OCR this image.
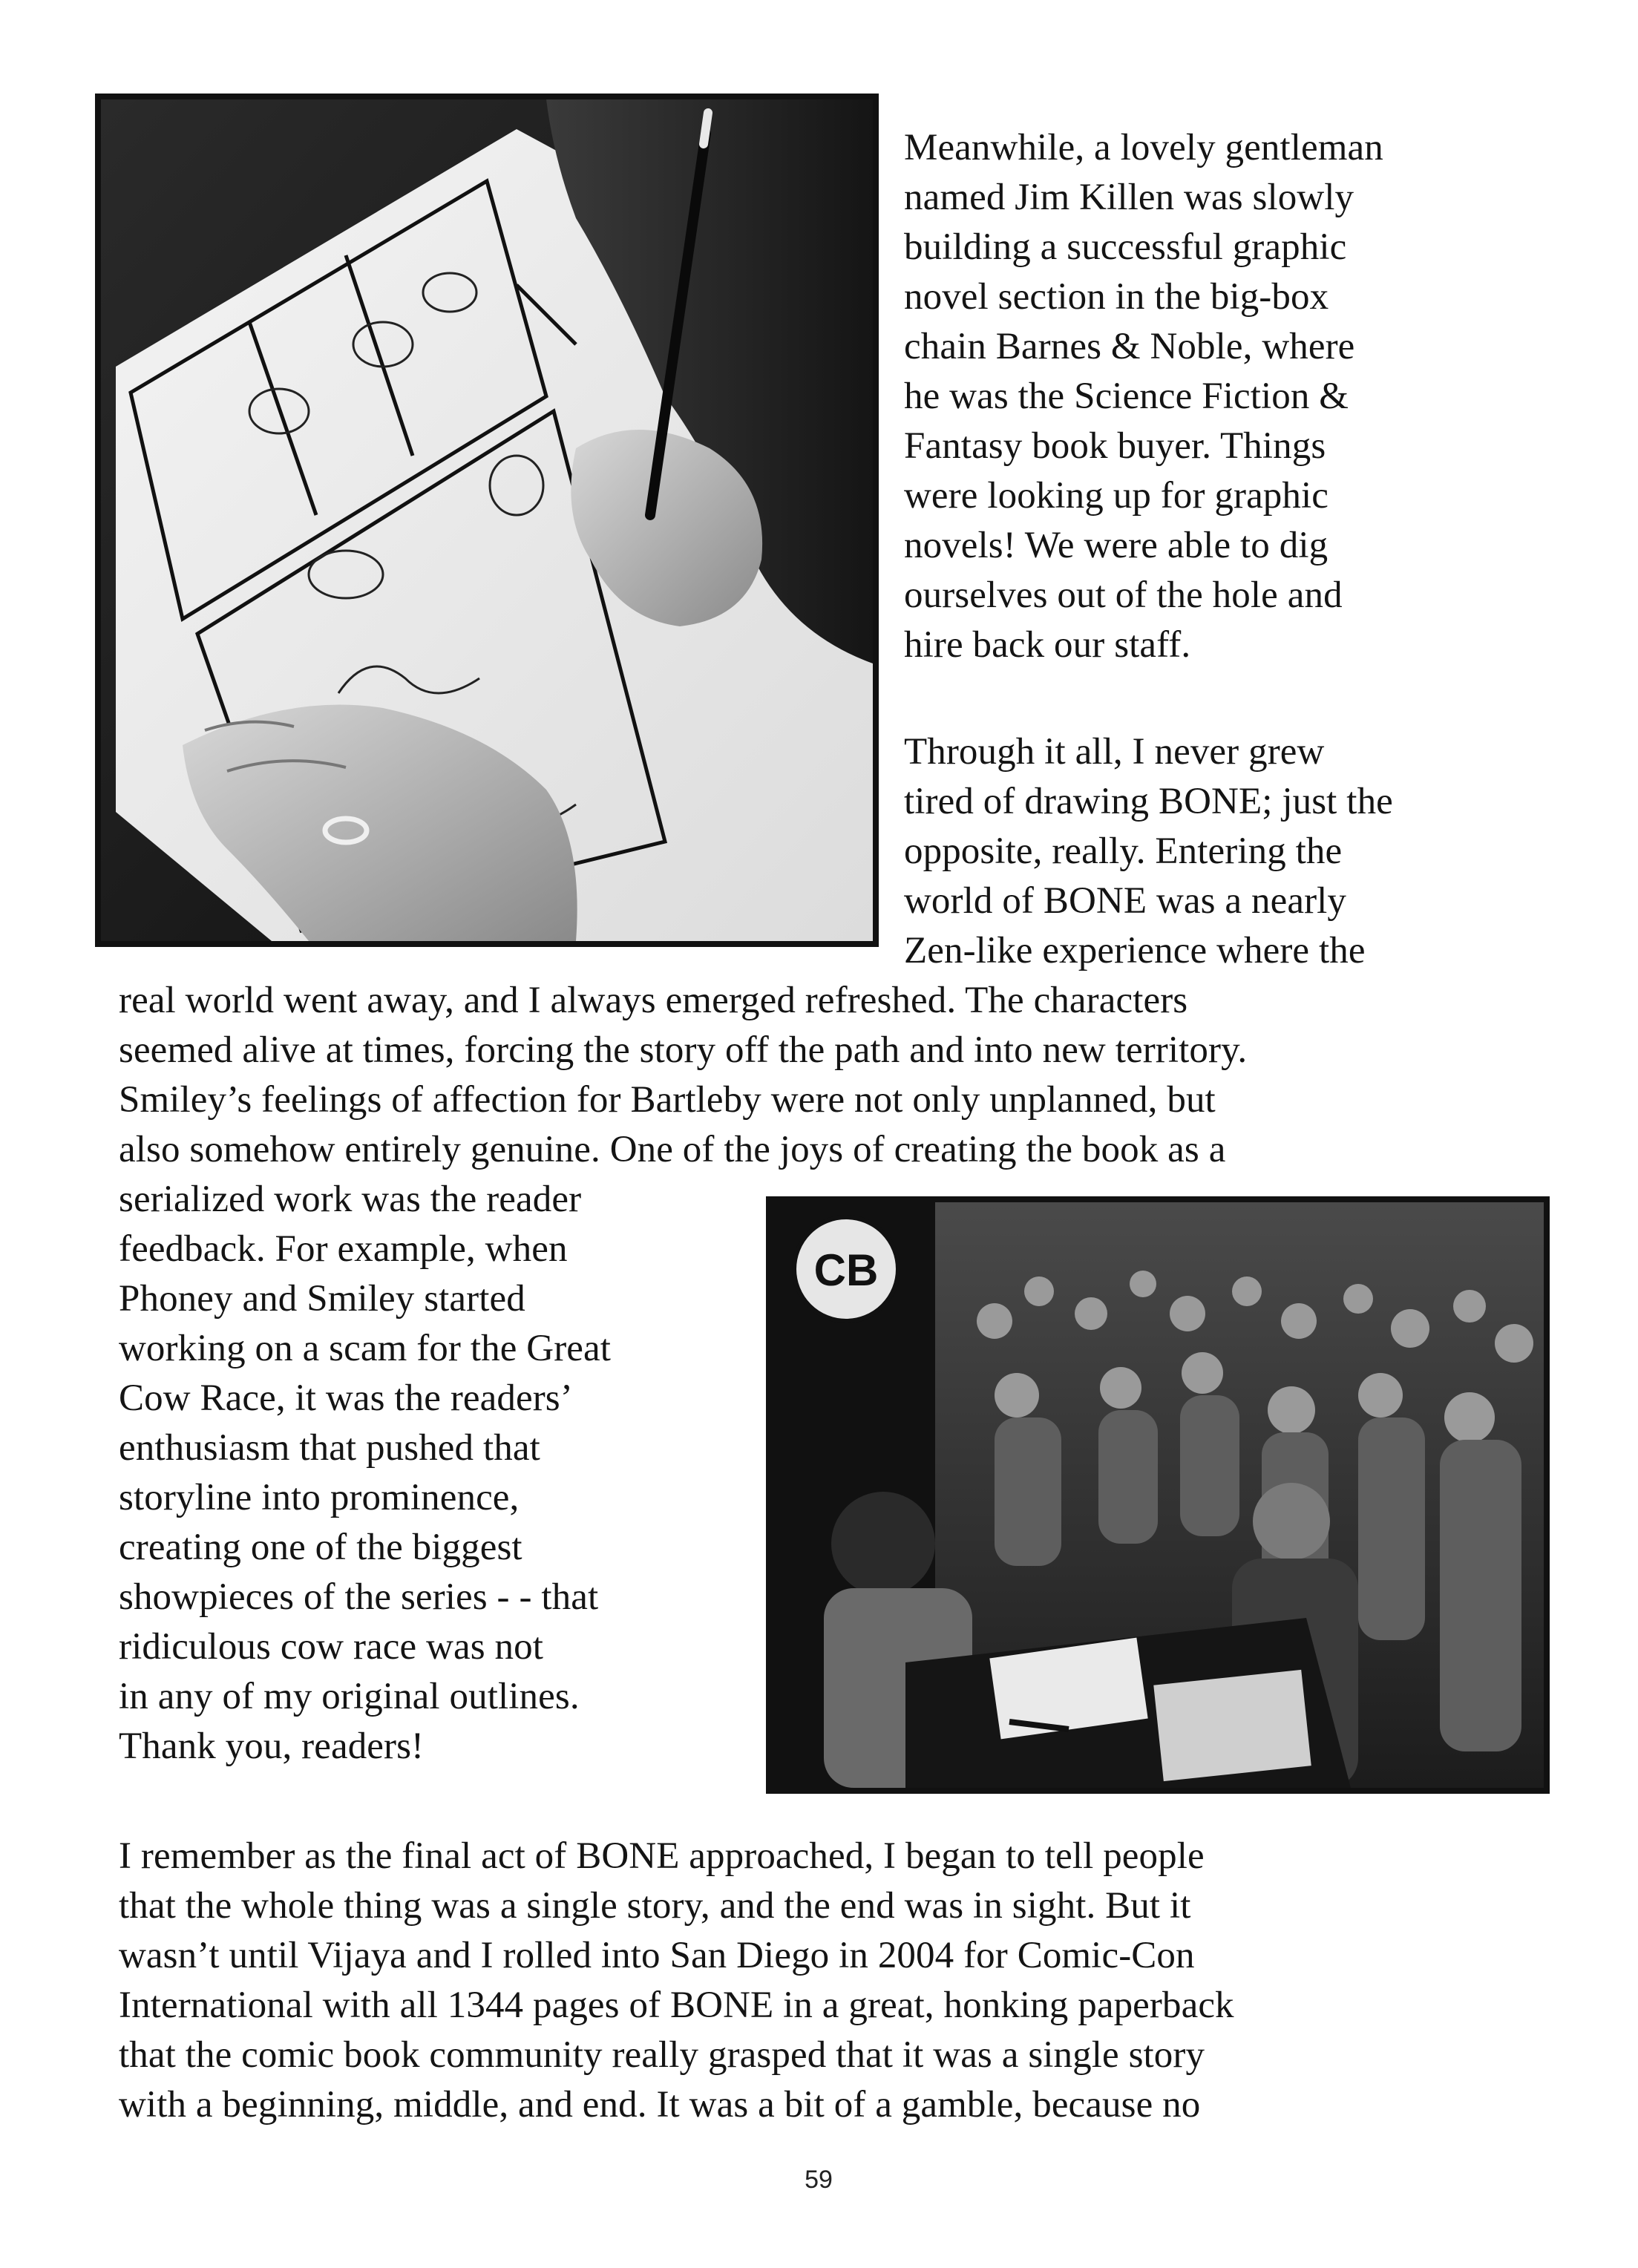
CB
Meanwhile, a lovely gentleman
named Jim Killen was slowly
building a successful graphic
novel section in the big-box
chain Barnes & Noble, where
he was the Science Fiction &
Fantasy book buyer. Things
were looking up for graphic
novels! We were able to dig
ourselves out of the hole and
hire back our staff.
Through it all, I never grew
tired of drawing BONE; just the
opposite, really. Entering the
world of BONE was a nearly
Zen-like experience where the
real world went away, and I always emerged refreshed. The characters
seemed alive at times, forcing the story off the path and into new territory.
Smiley’s feelings of affection for Bartleby were not only unplanned, but
also somehow entirely genuine. One of the joys of creating the book as a
serialized work was the reader
feedback. For example, when
Phoney and Smiley started
working on a scam for the Great
Cow Race, it was the readers’
enthusiasm that pushed that
storyline into prominence,
creating one of the biggest
showpieces of the series - - that
ridiculous cow race was not
in any of my original outlines.
Thank you, readers!
I remember as the final act of BONE approached, I began to tell people
that the whole thing was a single story, and the end was in sight. But it
wasn’t until Vijaya and I rolled into San Diego in 2004 for Comic-Con
International with all 1344 pages of BONE in a great, honking paperback
that the comic book community really grasped that it was a single story
with a beginning, middle, and end. It was a bit of a gamble, because no
59
